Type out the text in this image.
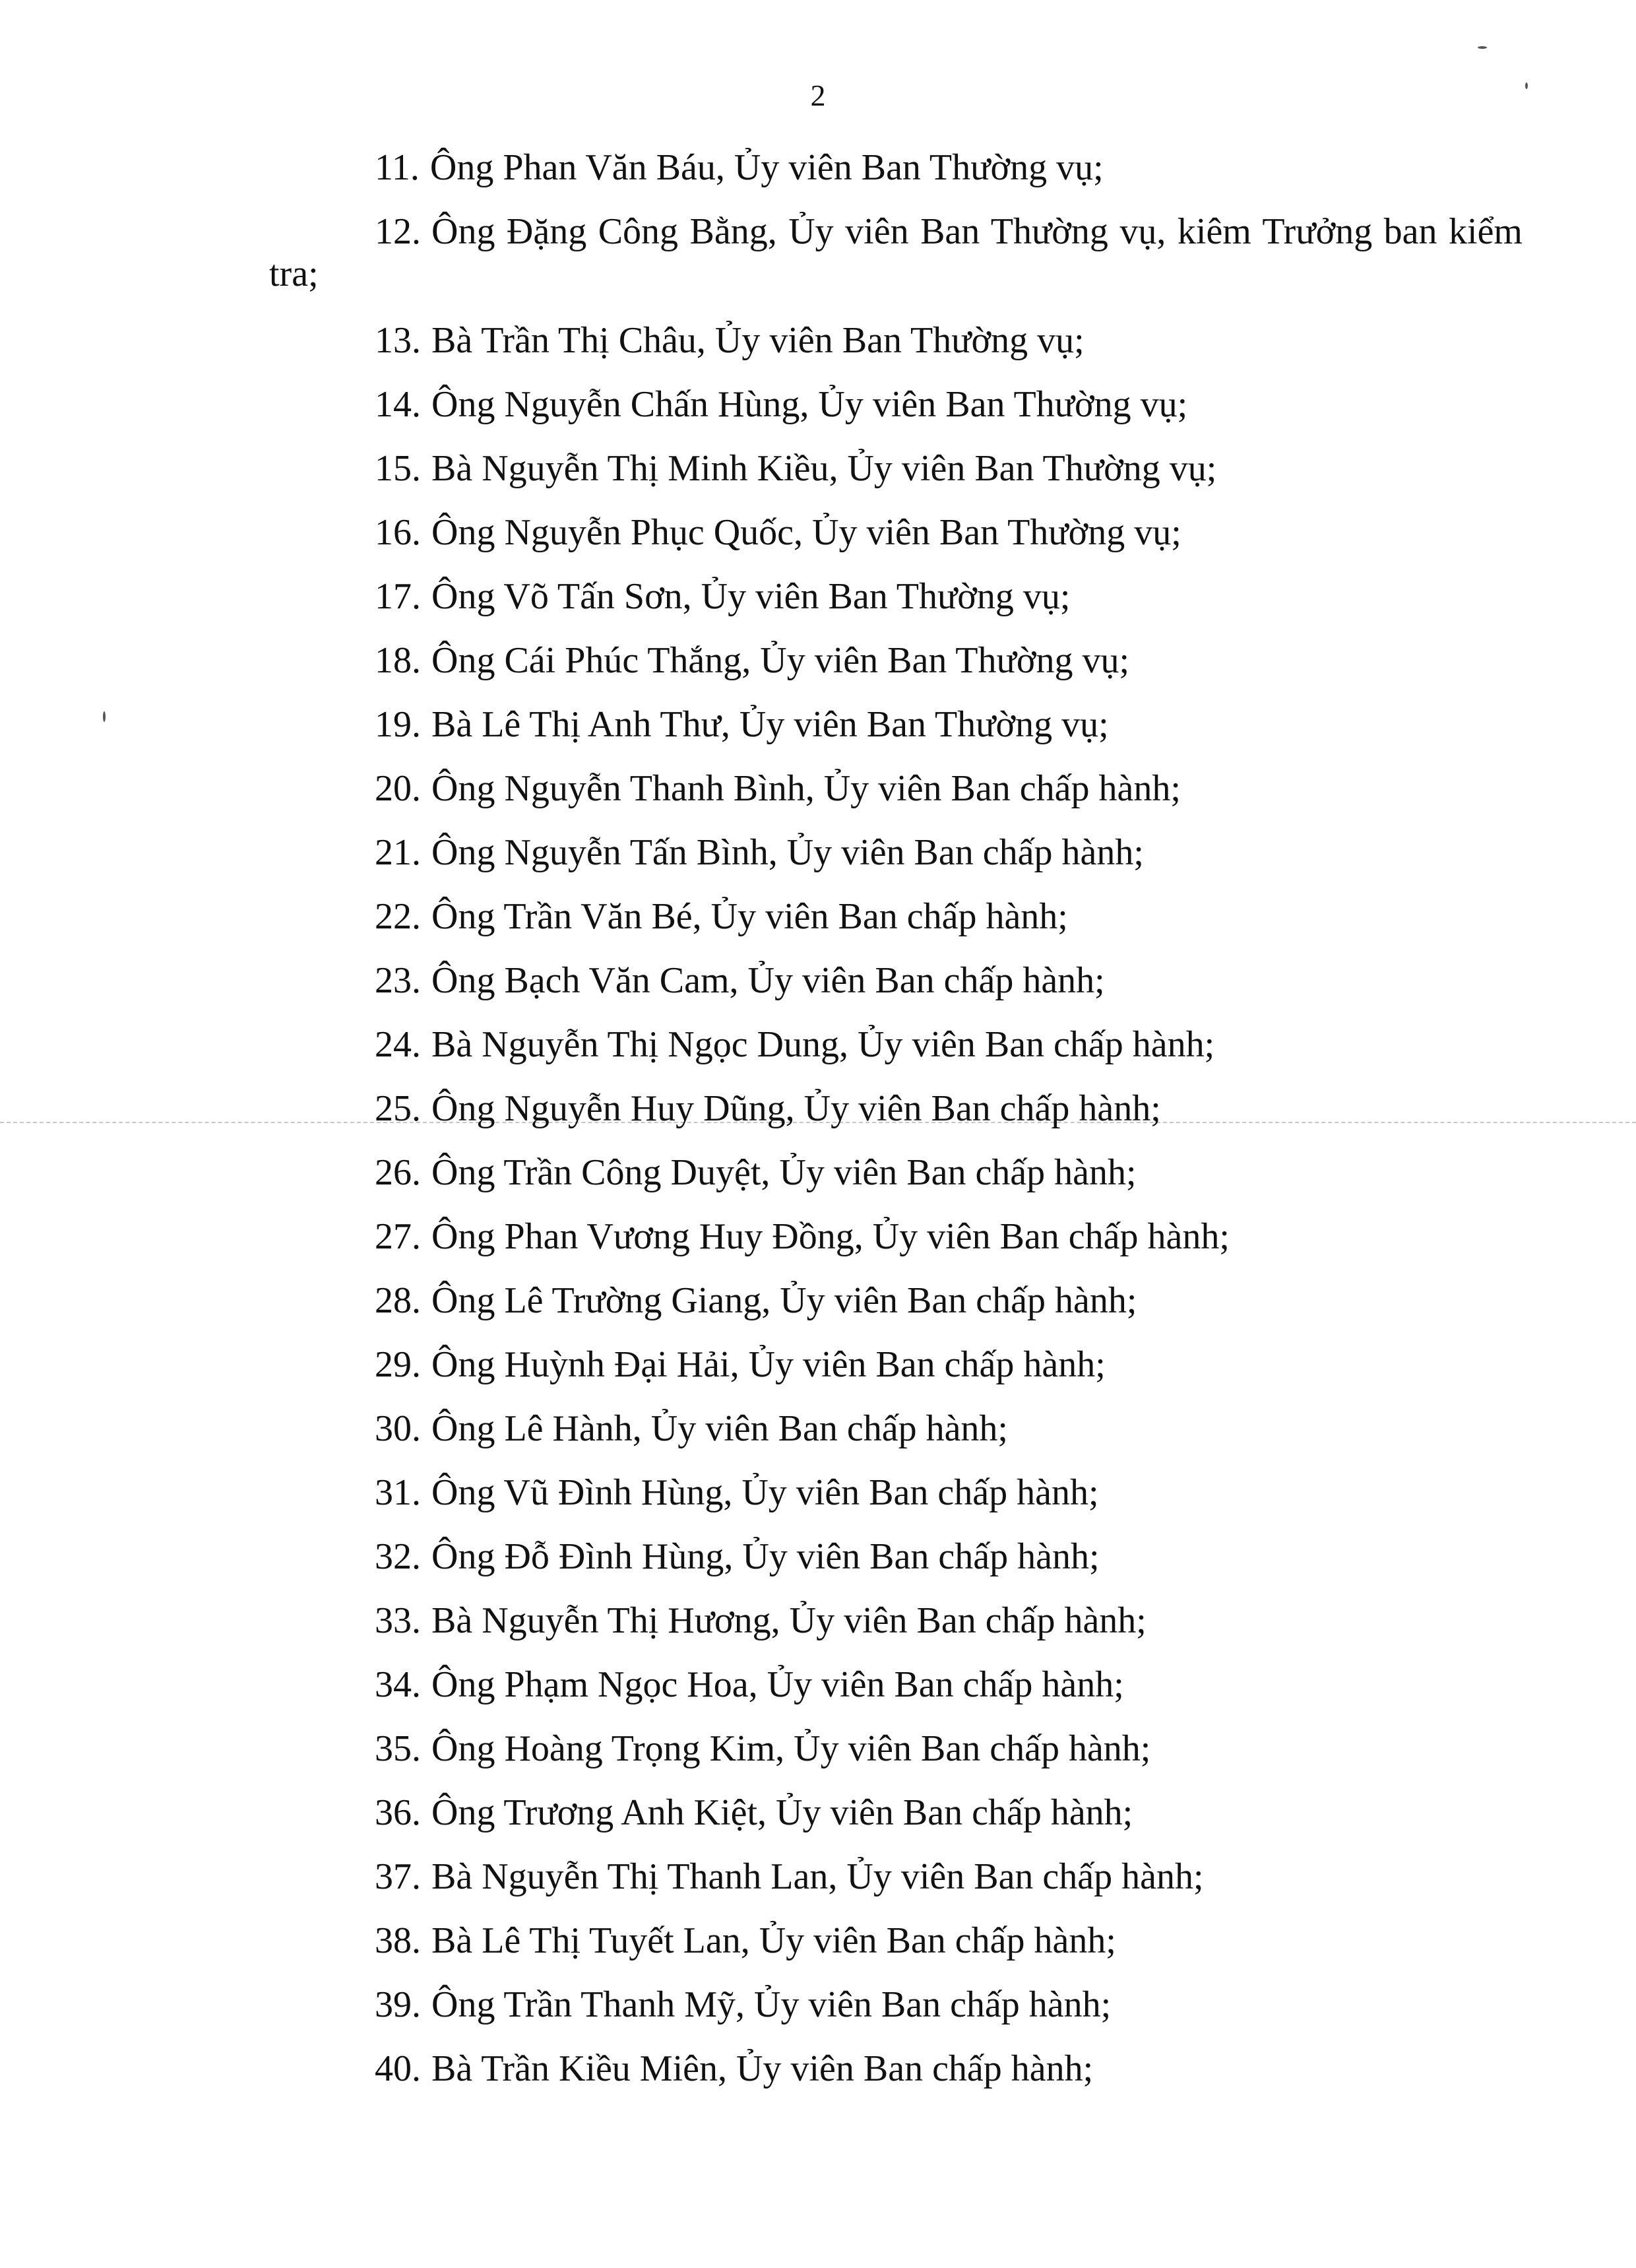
2
11. Ông Phan Văn Báu, Ủy viên Ban Thường vụ;
12. Ông Đặng Công Bằng, Ủy viên Ban Thường vụ, kiêm Trưởng ban kiểm tra;
13. Bà Trần Thị Châu, Ủy viên Ban Thường vụ;
14. Ông Nguyễn Chấn Hùng, Ủy viên Ban Thường vụ;
15. Bà Nguyễn Thị Minh Kiều, Ủy viên Ban Thường vụ;
16. Ông Nguyễn Phục Quốc, Ủy viên Ban Thường vụ;
17. Ông Võ Tấn Sơn, Ủy viên Ban Thường vụ;
18. Ông Cái Phúc Thắng, Ủy viên Ban Thường vụ;
19. Bà Lê Thị Anh Thư, Ủy viên Ban Thường vụ;
20. Ông Nguyễn Thanh Bình, Ủy viên Ban chấp hành;
21. Ông Nguyễn Tấn Bình, Ủy viên Ban chấp hành;
22. Ông Trần Văn Bé, Ủy viên Ban chấp hành;
23. Ông Bạch Văn Cam, Ủy viên Ban chấp hành;
24. Bà Nguyễn Thị Ngọc Dung, Ủy viên Ban chấp hành;
25. Ông Nguyễn Huy Dũng, Ủy viên Ban chấp hành;
26. Ông Trần Công Duyệt, Ủy viên Ban chấp hành;
27. Ông Phan Vương Huy Đồng, Ủy viên Ban chấp hành;
28. Ông Lê Trường Giang, Ủy viên Ban chấp hành;
29. Ông Huỳnh Đại Hải, Ủy viên Ban chấp hành;
30. Ông Lê Hành, Ủy viên Ban chấp hành;
31. Ông Vũ Đình Hùng, Ủy viên Ban chấp hành;
32. Ông Đỗ Đình Hùng, Ủy viên Ban chấp hành;
33. Bà Nguyễn Thị Hương, Ủy viên Ban chấp hành;
34. Ông Phạm Ngọc Hoa, Ủy viên Ban chấp hành;
35. Ông Hoàng Trọng Kim, Ủy viên Ban chấp hành;
36. Ông Trương Anh Kiệt, Ủy viên Ban chấp hành;
37. Bà Nguyễn Thị Thanh Lan, Ủy viên Ban chấp hành;
38. Bà Lê Thị Tuyết Lan, Ủy viên Ban chấp hành;
39. Ông Trần Thanh Mỹ, Ủy viên Ban chấp hành;
40. Bà Trần Kiều Miên, Ủy viên Ban chấp hành;
